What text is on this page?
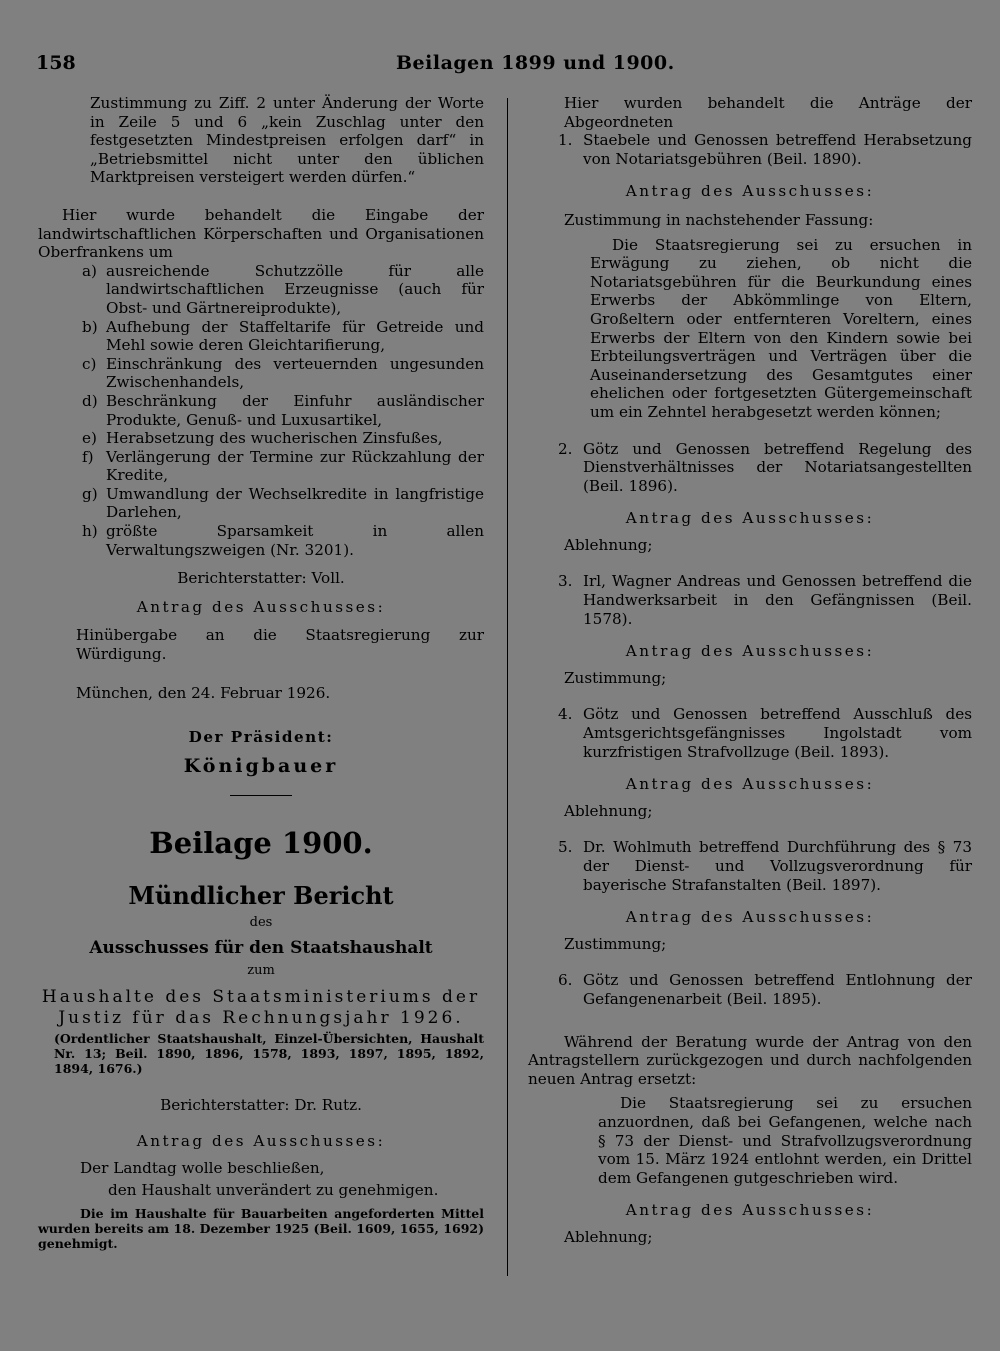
158	Beilagen 1899 und 1900.

Zustimmung zu Ziff. 2 unter Änderung der Worte in Zeile 5 und 6 „kein Zuschlag unter den festgesetzten Mindestpreisen erfolgen darf“ in „Betriebsmittel nicht unter den üblichen Marktpreisen versteigert werden dürfen.“

Hier wurde behandelt die Eingabe der landwirtschaftlichen Körperschaften und Organisationen Oberfrankens um

a) ausreichende Schutzzölle für alle landwirtschaftlichen Erzeugnisse (auch für Obst- und Gärtnereiprodukte),
b) Aufhebung der Staffeltarife für Getreide und Mehl sowie deren Gleichtarifierung,
c) Einschränkung des verteuernden ungesunden Zwischenhandels,
d) Beschränkung der Einfuhr ausländischer Produkte, Genuß- und Luxusartikel,
e) Herabsetzung des wucherischen Zinsfußes,
f) Verlängerung der Termine zur Rückzahlung der Kredite,
g) Umwandlung der Wechselkredite in langfristige Darlehen,
h) größte Sparsamkeit in allen Verwaltungszweigen (Nr. 3201).

Berichterstatter: Voll.

Antrag des Ausschusses:

Hinübergabe an die Staatsregierung zur Würdigung.

München, den 24. Februar 1926.

Der Präsident:

Königbauer

Beilage 1900.

Mündlicher Bericht

des

Ausschusses für den Staatshaushalt

zum

Haushalte des Staatsministeriums der

Justiz für das Rechnungsjahr 1926.

(Ordentlicher Staatshaushalt, Einzel-Übersichten, Haushalt Nr. 13; Beil. 1890, 1896, 1578, 1893, 1897, 1895, 1892, 1894, 1676.)

Berichterstatter: Dr. Rutz.

Antrag des Ausschusses:

Der Landtag wolle beschließen,

den Haushalt unverändert zu genehmigen.

Die im Haushalte für Bauarbeiten angeforderten Mittel wurden bereits am 18. Dezember 1925 (Beil. 1609, 1655, 1692) genehmigt.

Hier wurden behandelt die Anträge der Abgeordneten

1. Staebele und Genossen betreffend Herabsetzung von Notariatsgebühren (Beil. 1890).

Antrag des Ausschusses:

Zustimmung in nachstehender Fassung:

Die Staatsregierung sei zu ersuchen in Erwägung zu ziehen, ob nicht die Notariatsgebühren für die Beurkundung eines Erwerbs der Abkömmlinge von Eltern, Großeltern oder entfernteren Voreltern, eines Erwerbs der Eltern von den Kindern sowie bei Erbteilungsverträgen und Verträgen über die Auseinandersetzung des Gesamtgutes einer ehelichen oder fortgesetzten Gütergemeinschaft um ein Zehntel herabgesetzt werden können;

2. Götz und Genossen betreffend Regelung des Dienstverhältnisses der Notariatsangestellten (Beil. 1896).

Antrag des Ausschusses:

Ablehnung;

3. Irl, Wagner Andreas und Genossen betreffend die Handwerksarbeit in den Gefängnissen (Beil. 1578).

Antrag des Ausschusses:

Zustimmung;

4. Götz und Genossen betreffend Ausschluß des Amtsgerichtsgefängnisses Ingolstadt vom kurzfristigen Strafvollzuge (Beil. 1893).

Antrag des Ausschusses:

Ablehnung;

5. Dr. Wohlmuth betreffend Durchführung des § 73 der Dienst- und Vollzugsverordnung für bayerische Strafanstalten (Beil. 1897).

Antrag des Ausschusses:

Zustimmung;

6. Götz und Genossen betreffend Entlohnung der Gefangenenarbeit (Beil. 1895).

Während der Beratung wurde der Antrag von den Antragstellern zurückgezogen und durch nachfolgenden neuen Antrag ersetzt:

Die Staatsregierung sei zu ersuchen anzuordnen, daß bei Gefangenen, welche nach § 73 der Dienst- und Strafvollzugsverordnung vom 15. März 1924 entlohnt werden, ein Drittel dem Gefangenen gutgeschrieben wird.

Antrag des Ausschusses:

Ablehnung;
